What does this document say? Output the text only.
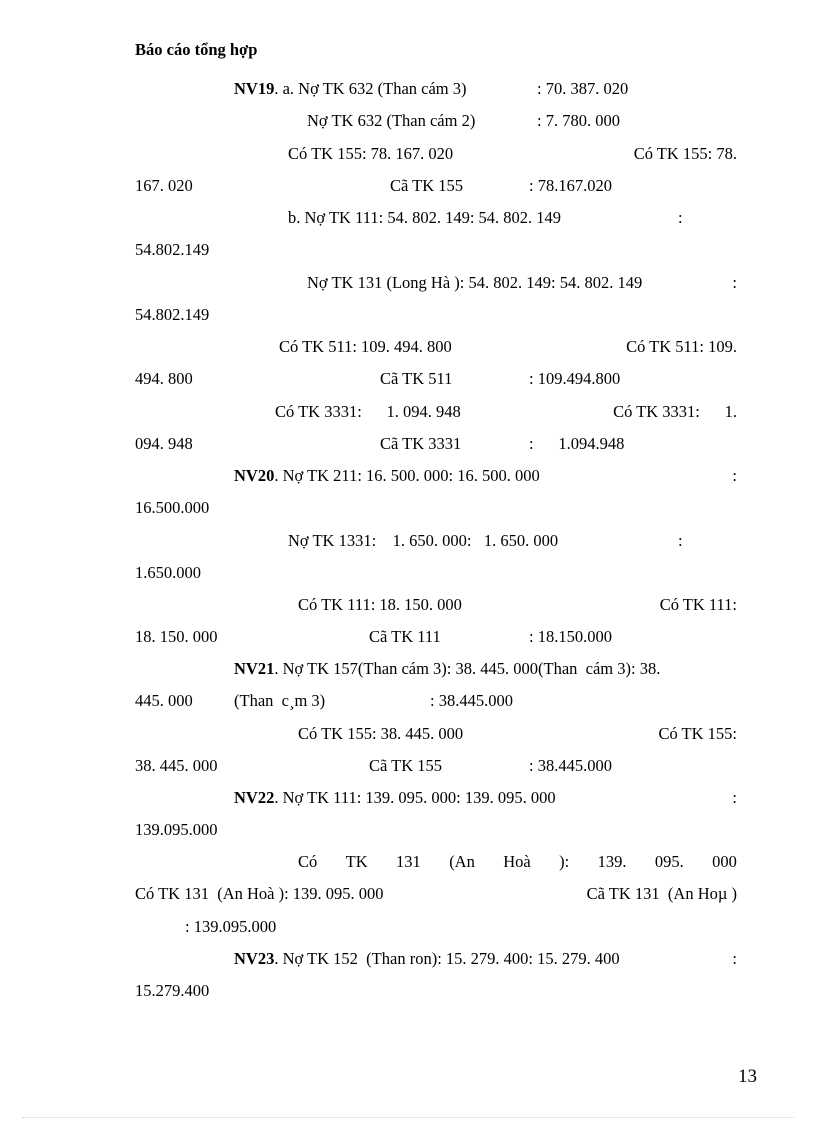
Báo cáo tổng hợp
NV19. a. Nợ TK 632 (Than cám 3)	: 70. 387. 020
Nợ TK 632 (Than cám 2)	: 7. 780. 000
Có TK 155: 78. 167. 020	Có TK 155: 78.
167. 020	Cã TK 155	: 78.167.020
b. Nợ TK 111: 54. 802. 149: 54. 802. 149	:
54.802.149
Nợ TK 131 (Long Hà ): 54. 802. 149: 54. 802. 149	:
54.802.149
Có TK 511: 109. 494. 800	Có TK 511: 109.
494. 800	Cã TK 511	: 109.494.800
Có TK 3331:      1. 094. 948	Có TK 3331:      1.
094. 948	Cã TK 3331	:      1.094.948
NV20. Nợ TK 211: 16. 500. 000: 16. 500. 000	:
16.500.000
Nợ TK 1331:    1. 650. 000:   1. 650. 000	:
1.650.000
Có TK 111: 18. 150. 000	Có TK 111:
18. 150. 000	Cã TK 111	: 18.150.000
NV21. Nợ TK 157(Than cám 3): 38. 445. 000(Than  cám 3): 38.
445. 000	(Than  c¸m 3)	: 38.445.000
Có TK 155: 38. 445. 000	Có TK 155:
38. 445. 000	Cã TK 155	: 38.445.000
NV22. Nợ TK 111: 139. 095. 000: 139. 095. 000	:
139.095.000
Có TK 131 (An Hoà ): 139. 095. 000
Có TK 131  (An Hoà ): 139. 095. 000	Cã TK 131  (An Hoµ )
: 139.095.000
NV23. Nợ TK 152  (Than ron): 15. 279. 400: 15. 279. 400	:
15.279.400
13
